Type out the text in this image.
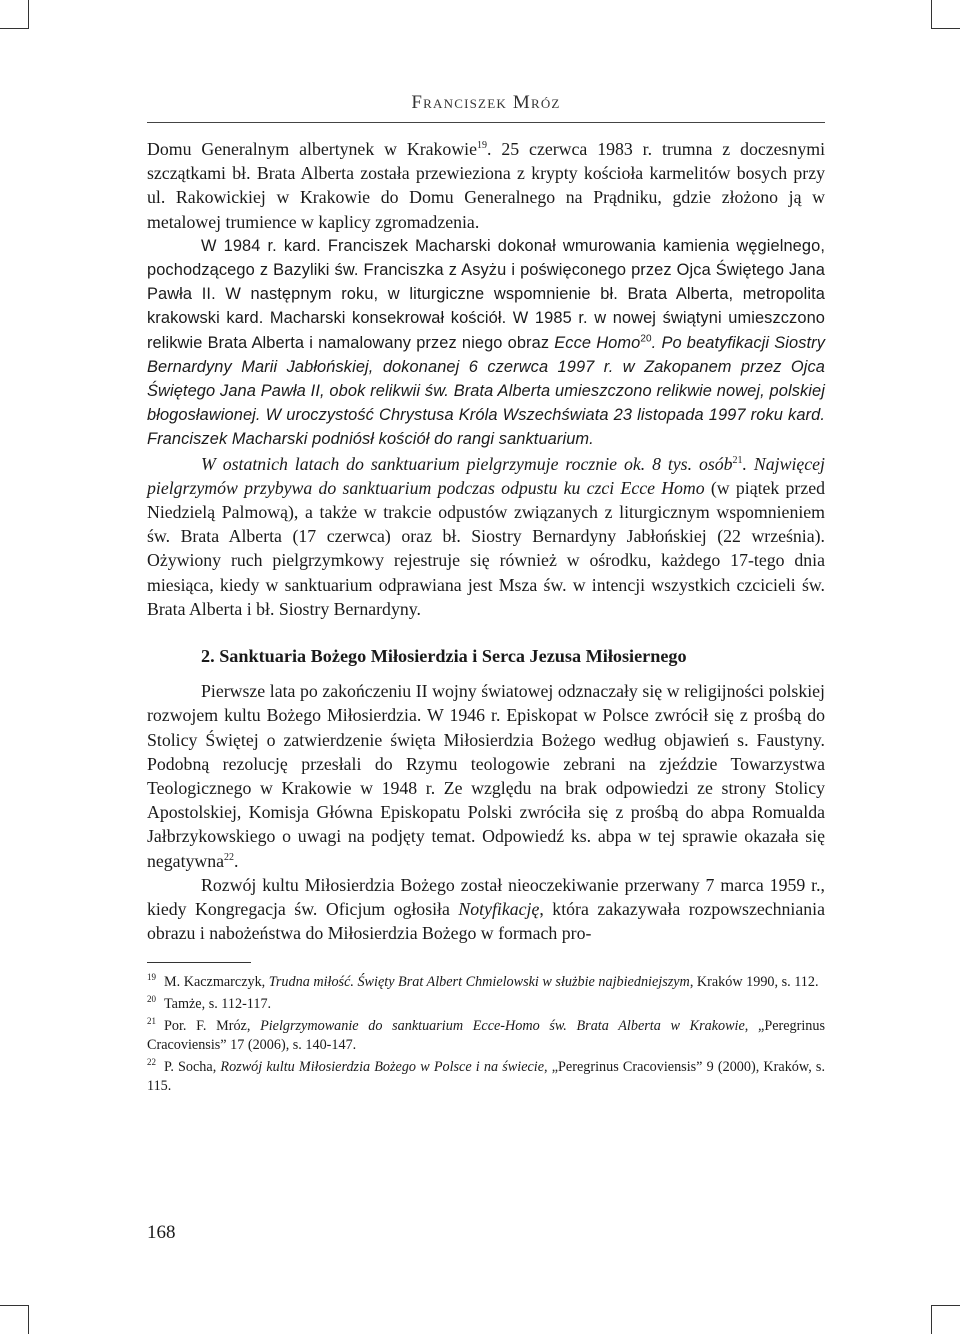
Franciszek Mróz

Domu Generalnym albertynek w Krakowie$^{19}$. 25 czerwca 1983 r. trumna z doczesnymi szczątkami bł. Brata Alberta została przewieziona z krypty kościoła karmelitów bosych przy ul. Rakowickiej w Krakowie do Domu Generalnego na Prądniku, gdzie złożono ją w metalowej trumience w kaplicy zgromadzenia.

W 1984 r. kard. Franciszek Macharski dokonał wmurowania kamienia węgielnego, pochodzącego z Bazyliki św. Franciszka z Asyżu i poświęconego przez Ojca Świętego Jana Pawła II. W następnym roku, w liturgiczne wspomnienie bł. Brata Alberta, metropolita krakowski kard. Macharski konsekrował kościół. W 1985 r. w nowej świątyni umieszczono relikwie Brata Alberta i namalowany przez niego obraz Ecce Homo$^{20}$. Po beatyfikacji Siostry Bernardyny Marii Jabłońskiej, dokonanej 6 czerwca 1997 r. w Zakopanem przez Ojca Świętego Jana Pawła II, obok relikwii św. Brata Alberta umieszczono relikwie nowej, polskiej błogosławionej. W uroczystość Chrystusa Króla Wszechświata 23 listopada 1997 roku kard. Franciszek Macharski podniósł kościół do rangi sanktuarium.

W ostatnich latach do sanktuarium pielgrzymuje rocznie ok. 8 tys. osób$^{21}$. Najwięcej pielgrzymów przybywa do sanktuarium podczas odpustu ku czci Ecce Homo (w piątek przed Niedzielą Palmową), a także w trakcie odpustów związanych z liturgicznym wspomnieniem św. Brata Alberta (17 czerwca) oraz bł. Siostry Bernardyny Jabłońskiej (22 września). Ożywiony ruch pielgrzymkowy rejestruje się również w ośrodku, każdego 17-tego dnia miesiąca, kiedy w sanktuarium odprawiana jest Msza św. w intencji wszystkich czcicieli św. Brata Alberta i bł. Siostry Bernardyny.

2. Sanktuaria Bożego Miłosierdzia i Serca Jezusa Miłosiernego

Pierwsze lata po zakończeniu II wojny światowej odznaczały się w religijności polskiej rozwojem kultu Bożego Miłosierdzia. W 1946 r. Episkopat w Polsce zwrócił się z prośbą do Stolicy Świętej o zatwierdzenie święta Miłosierdzia Bożego według objawień s. Faustyny. Podobną rezolucję przesłali do Rzymu teologowie zebrani na zjeździe Towarzystwa Teologicznego w Krakowie w 1948 r. Ze względu na brak odpowiedzi ze strony Stolicy Apostolskiej, Komisja Główna Episkopatu Polski zwróciła się z prośbą do abpa Romualda Jałbrzykowskiego o uwagi na podjęty temat. Odpowiedź ks. abpa w tej sprawie okazała się negatywna$^{22}$.

Rozwój kultu Miłosierdzia Bożego został nieoczekiwanie przerwany 7 marca 1959 r., kiedy Kongregacja św. Oficjum ogłosiła Notyfikację, która zakazywała rozpowszechniania obrazu i nabożeństwa do Miłosierdzia Bożego w formach pro-

$^{19}$ M. Kaczmarczyk, Trudna miłość. Święty Brat Albert Chmielowski w służbie najbiedniejszym, Kraków 1990, s. 112.

$^{20}$ Tamże, s. 112-117.

$^{21}$ Por. F. Mróz, Pielgrzymowanie do sanktuarium Ecce-Homo św. Brata Alberta w Krakowie, „Peregrinus Cracoviensis” 17 (2006), s. 140-147.

$^{22}$ P. Socha, Rozwój kultu Miłosierdzia Bożego w Polsce i na świecie, „Peregrinus Cracoviensis” 9 (2000), Kraków, s. 115.

168
